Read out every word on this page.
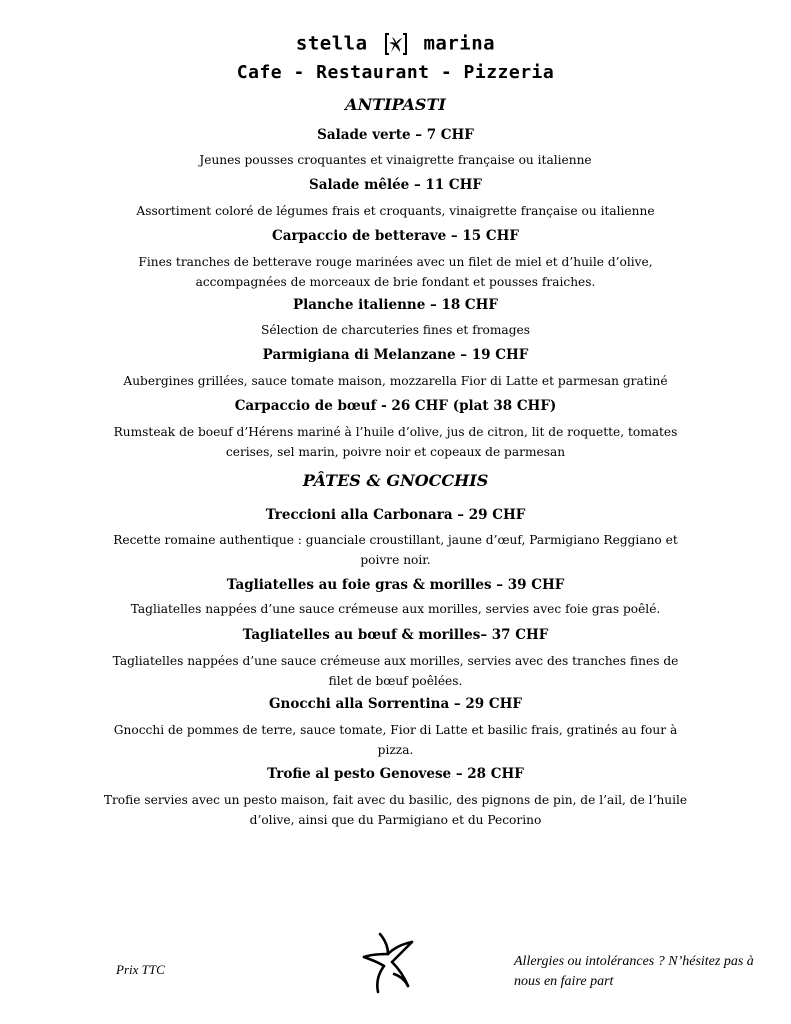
stella	marina
Cafe - Restaurant - Pizzeria
ANTIPASTI
Salade verte – 7 CHF
Jeunes pousses croquantes et vinaigrette française ou italienne
Salade mêlée – 11 CHF
Assortiment coloré de légumes frais et croquants, vinaigrette française ou italienne
Carpaccio de betterave – 15 CHF
Fines tranches de betterave rouge marinées avec un filet de miel et d’huile d’olive, accompagnées de morceaux de brie fondant et pousses fraiches.
Planche italienne – 18 CHF
Sélection de charcuteries fines et fromages
Parmigiana di Melanzane – 19 CHF
Aubergines grillées, sauce tomate maison, mozzarella Fior di Latte et parmesan gratiné
Carpaccio de bœuf - 26 CHF (plat 38 CHF)
Rumsteak de boeuf d’Hérens mariné à l’huile d’olive, jus de citron, lit de roquette, tomates cerises, sel marin, poivre noir et copeaux de parmesan
PÂTES & GNOCCHIS
Treccioni alla Carbonara – 29 CHF
Recette romaine authentique : guanciale croustillant, jaune d’œuf, Parmigiano Reggiano et poivre noir.
Tagliatelles au foie gras & morilles – 39 CHF
Tagliatelles nappées d’une sauce crémeuse aux morilles, servies avec foie gras poêlé.
Tagliatelles au bœuf & morilles– 37 CHF
Tagliatelles nappées d’une sauce crémeuse aux morilles, servies avec des tranches fines de filet de bœuf poêlées.
Gnocchi alla Sorrentina – 29 CHF
Gnocchi de pommes de terre, sauce tomate, Fior di Latte et basilic frais, gratinés au four à pizza.
Trofie al pesto Genovese – 28 CHF
Trofie servies avec un pesto maison, fait avec du basilic, des pignons de pin, de l’ail, de l’huile d’olive, ainsi que du Parmigiano et du Pecorino
Prix TTC
Allergies ou intolérances ? N’hésitez pas à nous en faire part
